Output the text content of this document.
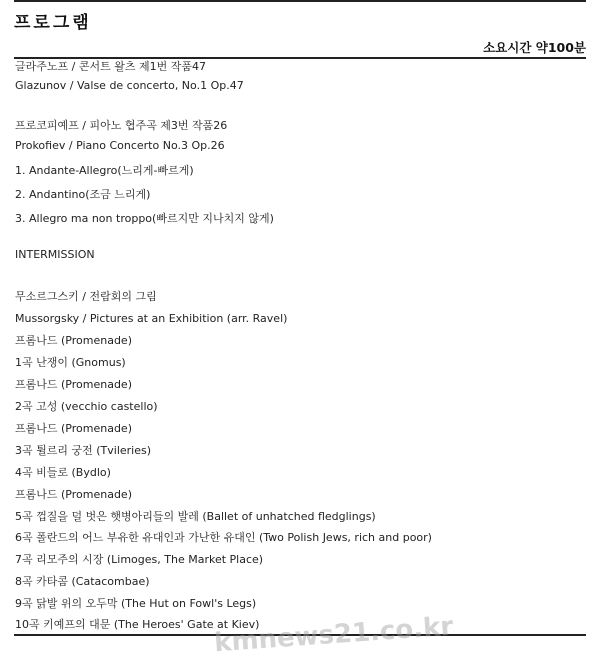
프로그램
소요시간 약100분
글라주노프 / 콘서트 왈츠 제1번 작품47
Glazunov / Valse de concerto, No.1 Op.47
프로코피예프 / 피아노 협주곡 제3번 작품26
Prokofiev / Piano Concerto No.3 Op.26
1. Andante-Allegro(느리게-빠르게)
2. Andantino(조금 느리게)
3. Allegro ma non troppo(빠르지만 지나치지 않게)
INTERMISSION
무소르그스키 / 전람회의 그림
Mussorgsky / Pictures at an Exhibition (arr. Ravel)
프롬나드 (Promenade)
1곡 난쟁이 (Gnomus)
프롬나드 (Promenade)
2곡 고성 (vecchio castello)
프롬나드 (Promenade)
3곡 튈르리 궁전 (Tvileries)
4곡 비들로 (Bydlo)
프롬나드 (Promenade)
5곡 껍질을 덜 벗은 햇병아리들의 발레 (Ballet of unhatched fledglings)
6곡 폴란드의 어느 부유한 유대인과 가난한 유대인 (Two Polish Jews, rich and poor)
7곡 리모주의 시장 (Limoges, The Market Place)
8곡 카타콤 (Catacombae)
9곡 닭발 위의 오두막 (The Hut on Fowl's Legs)
10곡 키예프의 대문 (The Heroes' Gate at Kiev)
kmnews21.co.kr
